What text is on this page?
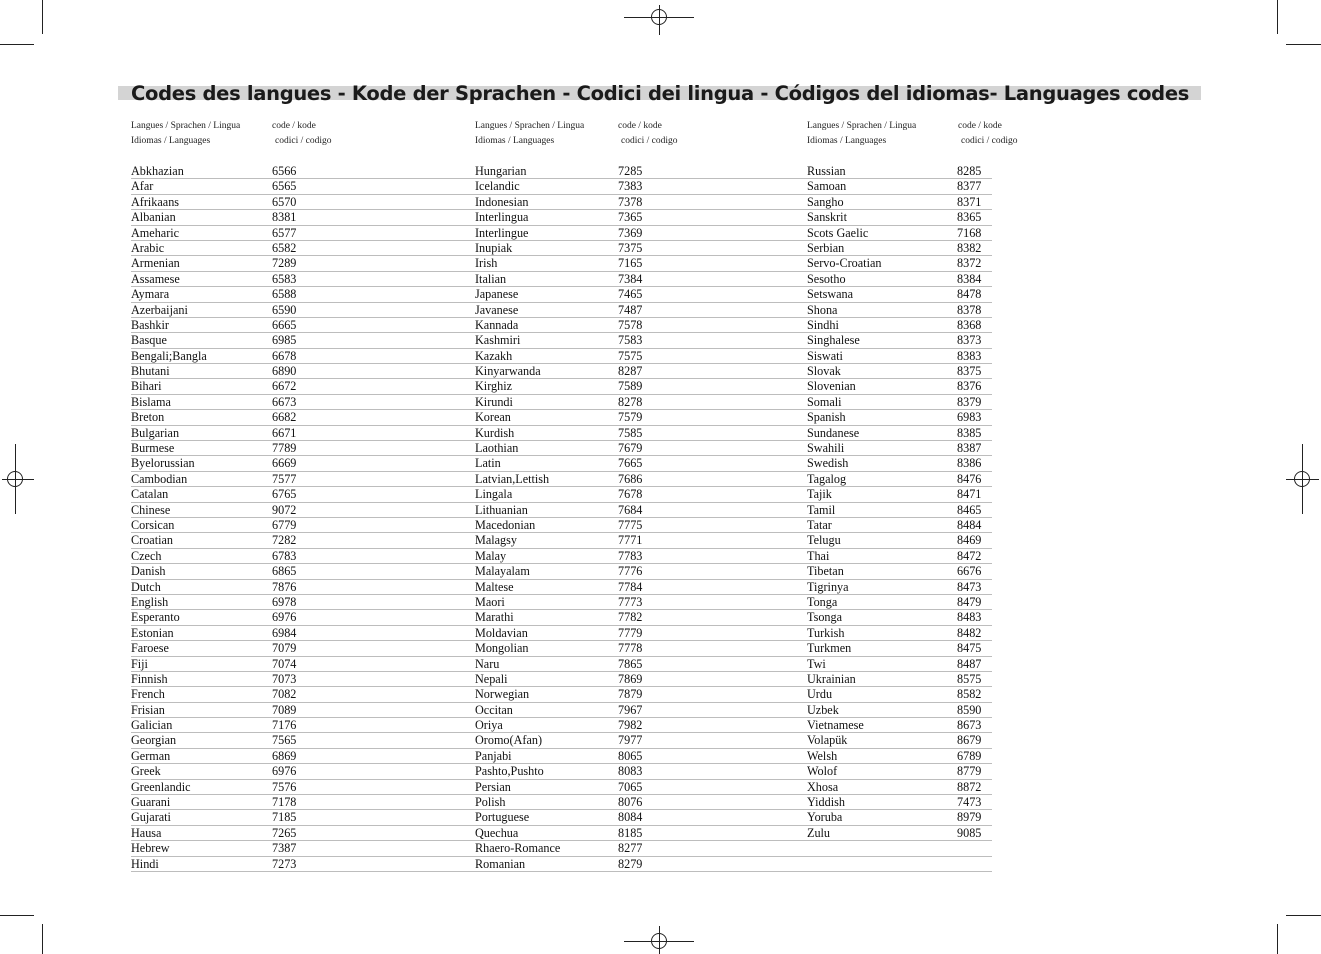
Codes des langues - Kode der Sprachen - Codici dei lingua - Códigos del idiomas- Languages codes
Langues / Sprachen / Lingua
Idiomas / Languages
code / kode
codici / codigo
Abkhazian	6566	Hungarian	7285	Russian	8285
Afar	6565	Icelandic	7383	Samoan	8377
Afrikaans	6570	Indonesian	7378	Sangho	8371
Albanian	8381	Interlingua	7365	Sanskrit	8365
Ameharic	6577	Interlingue	7369	Scots Gaelic	7168
Arabic	6582	Inupiak	7375	Serbian	8382
Armenian	7289	Irish	7165	Servo-Croatian	8372
Assamese	6583	Italian	7384	Sesotho	8384
Aymara	6588	Japanese	7465	Setswana	8478
Azerbaijani	6590	Javanese	7487	Shona	8378
Bashkir	6665	Kannada	7578	Sindhi	8368
Basque	6985	Kashmiri	7583	Singhalese	8373
Bengali;Bangla	6678	Kazakh	7575	Siswati	8383
Bhutani	6890	Kinyarwanda	8287	Slovak	8375
Bihari	6672	Kirghiz	7589	Slovenian	8376
Bislama	6673	Kirundi	8278	Somali	8379
Breton	6682	Korean	7579	Spanish	6983
Bulgarian	6671	Kurdish	7585	Sundanese	8385
Burmese	7789	Laothian	7679	Swahili	8387
Byelorussian	6669	Latin	7665	Swedish	8386
Cambodian	7577	Latvian,Lettish	7686	Tagalog	8476
Catalan	6765	Lingala	7678	Tajik	8471
Chinese	9072	Lithuanian	7684	Tamil	8465
Corsican	6779	Macedonian	7775	Tatar	8484
Croatian	7282	Malagsy	7771	Telugu	8469
Czech	6783	Malay	7783	Thai	8472
Danish	6865	Malayalam	7776	Tibetan	6676
Dutch	7876	Maltese	7784	Tigrinya	8473
English	6978	Maori	7773	Tonga	8479
Esperanto	6976	Marathi	7782	Tsonga	8483
Estonian	6984	Moldavian	7779	Turkish	8482
Faroese	7079	Mongolian	7778	Turkmen	8475
Fiji	7074	Naru	7865	Twi	8487
Finnish	7073	Nepali	7869	Ukrainian	8575
French	7082	Norwegian	7879	Urdu	8582
Frisian	7089	Occitan	7967	Uzbek	8590
Galician	7176	Oriya	7982	Vietnamese	8673
Georgian	7565	Oromo(Afan)	7977	Volapük	8679
German	6869	Panjabi	8065	Welsh	6789
Greek	6976	Pashto,Pushto	8083	Wolof	8779
Greenlandic	7576	Persian	7065	Xhosa	8872
Guarani	7178	Polish	8076	Yiddish	7473
Gujarati	7185	Portuguese	8084	Yoruba	8979
Hausa	7265	Quechua	8185	Zulu	9085
Hebrew	7387	Rhaero-Romance	8277
Hindi	7273	Romanian	8279
Langues / Sprachen / Lingua
Idiomas / Languages
code / kode
codici / codigo
Langues / Sprachen / Lingua
Idiomas / Languages
code / kode
codici / codigo
